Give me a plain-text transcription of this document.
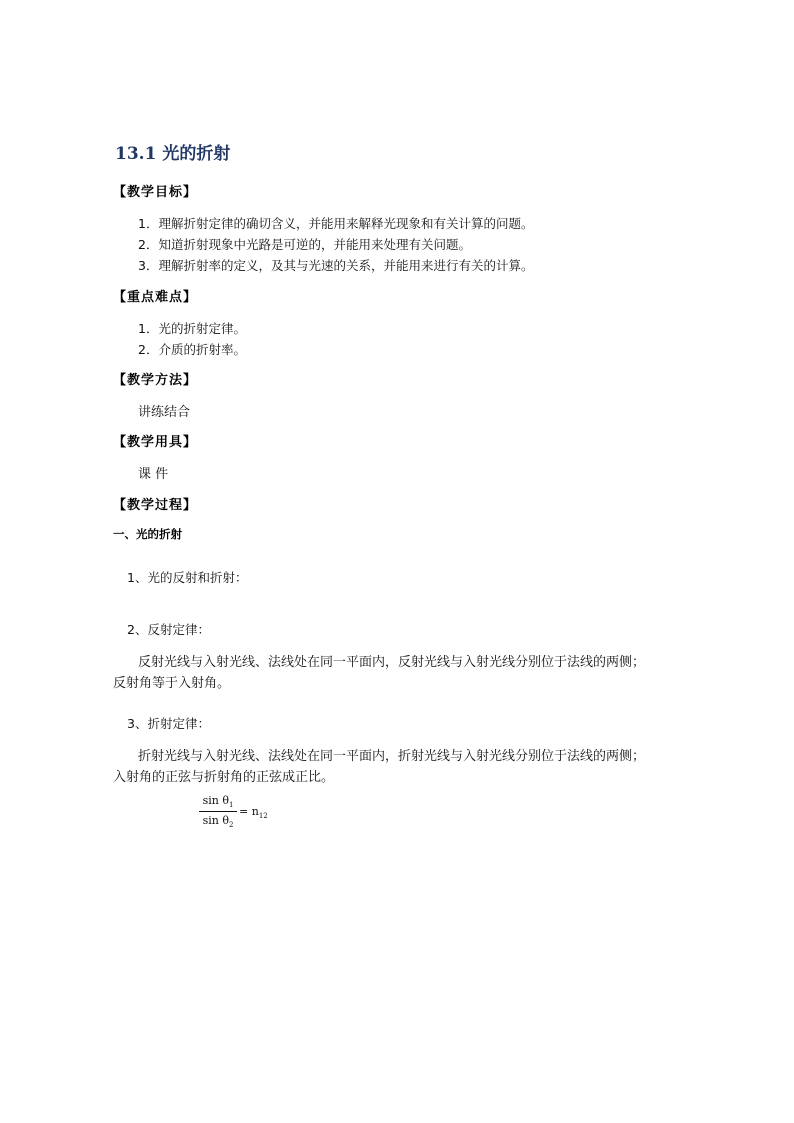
13.1 光的折射
【教学目标】
1．理解折射定律的确切含义，并能用来解释光现象和有关计算的问题。
2．知道折射现象中光路是可逆的，并能用来处理有关问题。
3．理解折射率的定义，及其与光速的关系，并能用来进行有关的计算。
【重点难点】
1．光的折射定律。
2．介质的折射率。
【教学方法】
讲练结合
【教学用具】
课 件
【教学过程】
一、光的折射
1、光的反射和折射：
2、反射定律：
反射光线与入射光线、法线处在同一平面内，反射光线与入射光线分别位于法线的两侧；
反射角等于入射角。
3、折射定律：
折射光线与入射光线、法线处在同一平面内，折射光线与入射光线分别位于法线的两侧；
入射角的正弦与折射角的正弦成正比。
$\sin \theta_1$
$\sin \theta_2$
= $n_{12}$
